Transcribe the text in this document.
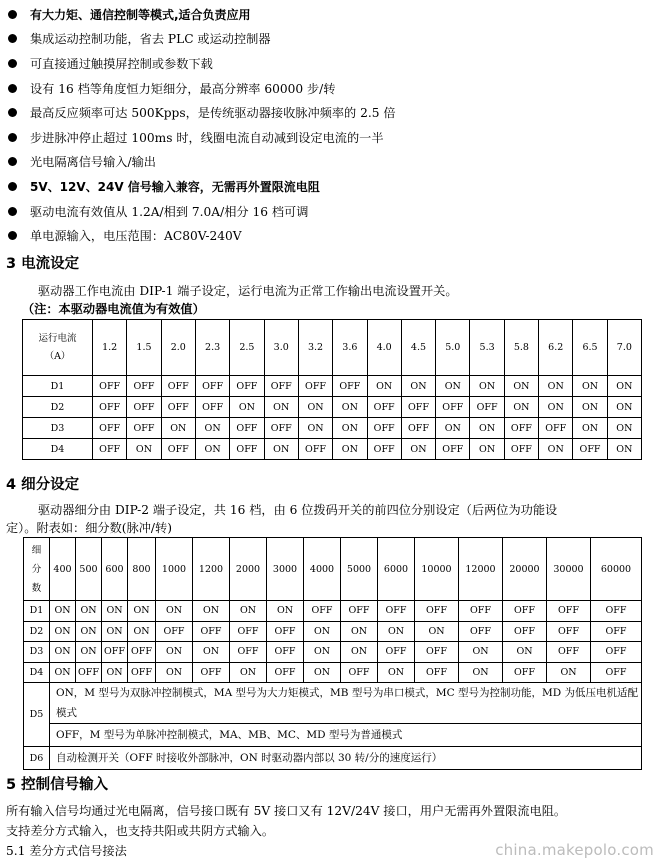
有大力矩、通信控制等模式,适合负责应用
集成运动控制功能，省去 PLC 或运动控制器
可直接通过触摸屏控制或参数下载
设有 16 档等角度恒力矩细分，最高分辨率 60000 步/转
最高反应频率可达 500Kpps，是传统驱动器接收脉冲频率的 2.5 倍
步进脉冲停止超过 100ms 时，线圈电流自动减到设定电流的一半
光电隔离信号输入/输出
5V、12V、24V 信号输入兼容，无需再外置限流电阻
驱动电流有效值从 1.2A/相到 7.0A/相分 16 档可调
单电源输入，电压范围：AC80V-240V
3 电流设定
驱动器工作电流由 DIP-1 端子设定，运行电流为正常工作输出电流设置开关。
（注：本驱动器电流值为有效值）
运行电流（A）	1.2	1.5	2.0	2.3	2.5	3.0	3.2	3.6	4.0	4.5	5.0	5.3	5.8	6.2	6.5	7.0
D1	OFF	OFF	OFF	OFF	OFF	OFF	OFF	OFF	ON	ON	ON	ON	ON	ON	ON	ON
D2	OFF	OFF	OFF	OFF	ON	ON	ON	ON	OFF	OFF	OFF	OFF	ON	ON	ON	ON
D3	OFF	OFF	ON	ON	OFF	OFF	ON	ON	OFF	OFF	ON	ON	OFF	OFF	ON	ON
D4	OFF	ON	OFF	ON	OFF	ON	OFF	ON	OFF	ON	OFF	ON	OFF	ON	OFF	ON
4 细分设定
驱动器细分由 DIP-2 端子设定，共 16 档，由 6 位拨码开关的前四位分别设定（后两位为功能设
定）。附表如：细分数(脉冲/转)
细分数	400	500	600	800	1000	1200	2000	3000	4000	5000	6000	10000	12000	20000	30000	60000
D1	ON	ON	ON	ON	ON	ON	ON	ON	OFF	OFF	OFF	OFF	OFF	OFF	OFF	OFF
D2	ON	ON	ON	ON	OFF	OFF	OFF	OFF	ON	ON	ON	ON	OFF	OFF	OFF	OFF
D3	ON	ON	OFF	OFF	ON	ON	OFF	OFF	ON	ON	OFF	OFF	ON	ON	OFF	OFF
D4	ON	OFF	ON	OFF	ON	OFF	ON	OFF	ON	OFF	ON	OFF	ON	OFF	ON	OFF
D5	ON，M 型号为双脉冲控制模式，MA 型号为大力矩模式，MB 型号为串口模式，MC 型号为控制功能，MD 为低压电机适配模式															
	OFF，M 型号为单脉冲控制模式，MA、MB、MC、MD 型号为普通模式															
D6	自动检测开关（OFF 时接收外部脉冲，ON 时驱动器内部以 30 转/分的速度运行）															
5 控制信号输入
所有输入信号均通过光电隔离，信号接口既有 5V 接口又有 12V/24V 接口，用户无需再外置限流电阻。
支持差分方式输入，也支持共阳或共阴方式输入。
5.1 差分方式信号接法	china.makepolo.com
